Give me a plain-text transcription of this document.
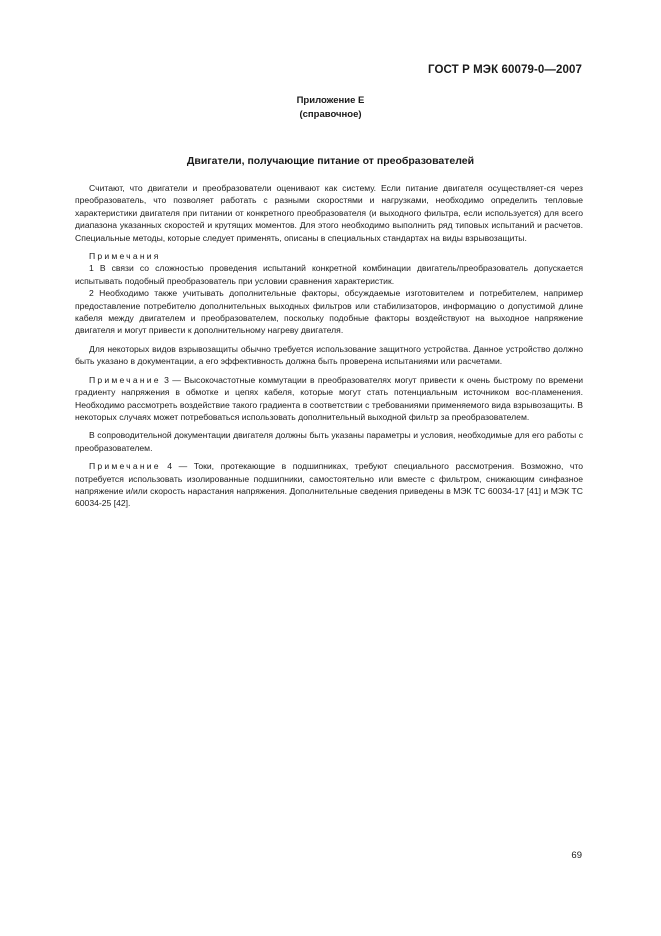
ГОСТ Р МЭК 60079-0—2007
Приложение Е
(справочное)
Двигатели, получающие питание от преобразователей

Считают, что двигатели и преобразователи оценивают как систему. Если питание двигателя осуществляет-ся через преобразователь, что позволяет работать с разными скоростями и нагрузками, необходимо определить тепловые характеристики двигателя при питании от конкретного преобразователя (и выходного фильтра, если используется) для всего диапазона указанных скоростей и крутящих моментов. Для этого необходимо выполнить ряд типовых испытаний и расчетов. Специальные методы, которые следует применять, описаны в специальных стандартах на виды взрывозащиты.

Примечания

1 В связи со сложностью проведения испытаний конкретной комбинации двигатель/преобразователь допускается испытывать подобный преобразователь при условии сравнения характеристик.

2 Необходимо также учитывать дополнительные факторы, обсуждаемые изготовителем и потребителем, например предоставление потребителю дополнительных выходных фильтров или стабилизаторов, информацию о допустимой длине кабеля между двигателем и преобразователем, поскольку подобные факторы воздействуют на выходное напряжение двигателя и могут привести к дополнительному нагреву двигателя.

Для некоторых видов взрывозащиты обычно требуется использование защитного устройства. Данное устройство должно быть указано в документации, а его эффективность должна быть проверена испытаниями или расчетами.

Примечание 3 — Высокочастотные коммутации в преобразователях могут привести к очень быстрому по времени градиенту напряжения в обмотке и цепях кабеля, которые могут стать потенциальным источником вос-пламенения. Необходимо рассмотреть воздействие такого градиента в соответствии с требованиями применяемого вида взрывозащиты. В некоторых случаях может потребоваться использовать дополнительный выходной фильтр за преобразователем.

В сопроводительной документации двигателя должны быть указаны параметры и условия, необходимые для его работы с преобразователем.

Примечание 4 — Токи, протекающие в подшипниках, требуют специального рассмотрения. Возможно, что потребуется использовать изолированные подшипники, самостоятельно или вместе с фильтром, снижающим синфазное напряжение и/или скорость нарастания напряжения. Дополнительные сведения приведены в МЭК ТС 60034-17 [41] и МЭК ТС 60034-25 [42].

69
